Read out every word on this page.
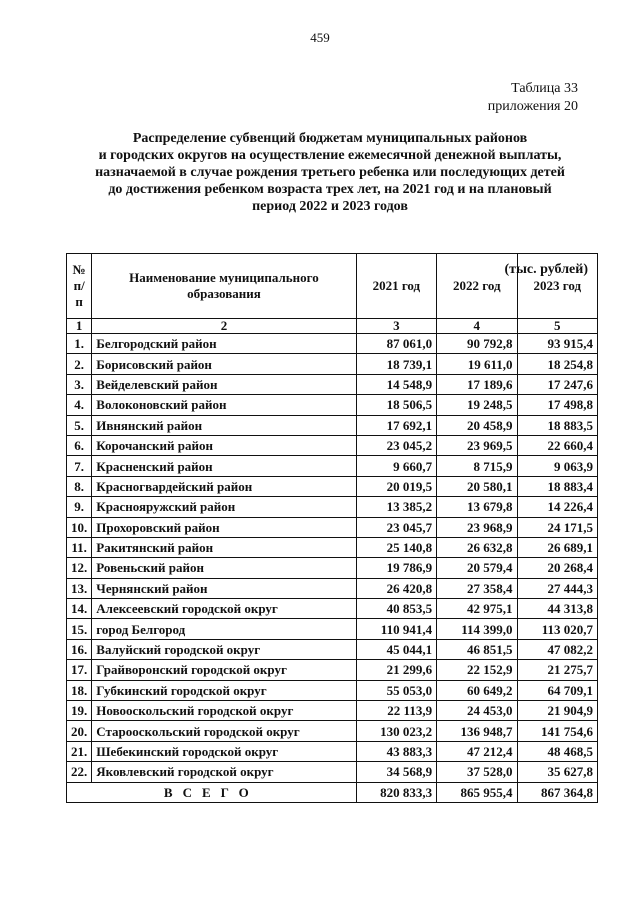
459
Таблица 33
приложения 20
Распределение субвенций бюджетам муниципальных районов
и городских округов на осуществление ежемесячной денежной выплаты,
назначаемой в случае рождения третьего ребенка или последующих детей
до достижения ребенком возраста трех лет, на 2021 год и на плановый
период 2022 и 2023 годов
(тыс. рублей)
№ п/п	Наименование муниципального образования	2021 год	2022 год	2023 год
1	2	3	4	5
1.	Белгородский район	87 061,0	90 792,8	93 915,4
2.	Борисовский район	18 739,1	19 611,0	18 254,8
3.	Вейделевский район	14 548,9	17 189,6	17 247,6
4.	Волоконовский район	18 506,5	19 248,5	17 498,8
5.	Ивнянский район	17 692,1	20 458,9	18 883,5
6.	Корочанский район	23 045,2	23 969,5	22 660,4
7.	Красненский район	9 660,7	8 715,9	9 063,9
8.	Красногвардейский район	20 019,5	20 580,1	18 883,4
9.	Краснояружский район	13 385,2	13 679,8	14 226,4
10.	Прохоровский район	23 045,7	23 968,9	24 171,5
11.	Ракитянский район	25 140,8	26 632,8	26 689,1
12.	Ровеньский район	19 786,9	20 579,4	20 268,4
13.	Чернянский район	26 420,8	27 358,4	27 444,3
14.	Алексеевский городской округ	40 853,5	42 975,1	44 313,8
15.	город Белгород	110 941,4	114 399,0	113 020,7
16.	Валуйский городской округ	45 044,1	46 851,5	47 082,2
17.	Грайворонский городской округ	21 299,6	22 152,9	21 275,7
18.	Губкинский городской округ	55 053,0	60 649,2	64 709,1
19.	Новооскольский городской округ	22 113,9	24 453,0	21 904,9
20.	Старооскольский городской округ	130 023,2	136 948,7	141 754,6
21.	Шебекинский городской округ	43 883,3	47 212,4	48 468,5
22.	Яковлевский городской округ	34 568,9	37 528,0	35 627,8
ВСЕГО		820 833,3	865 955,4	867 364,8
